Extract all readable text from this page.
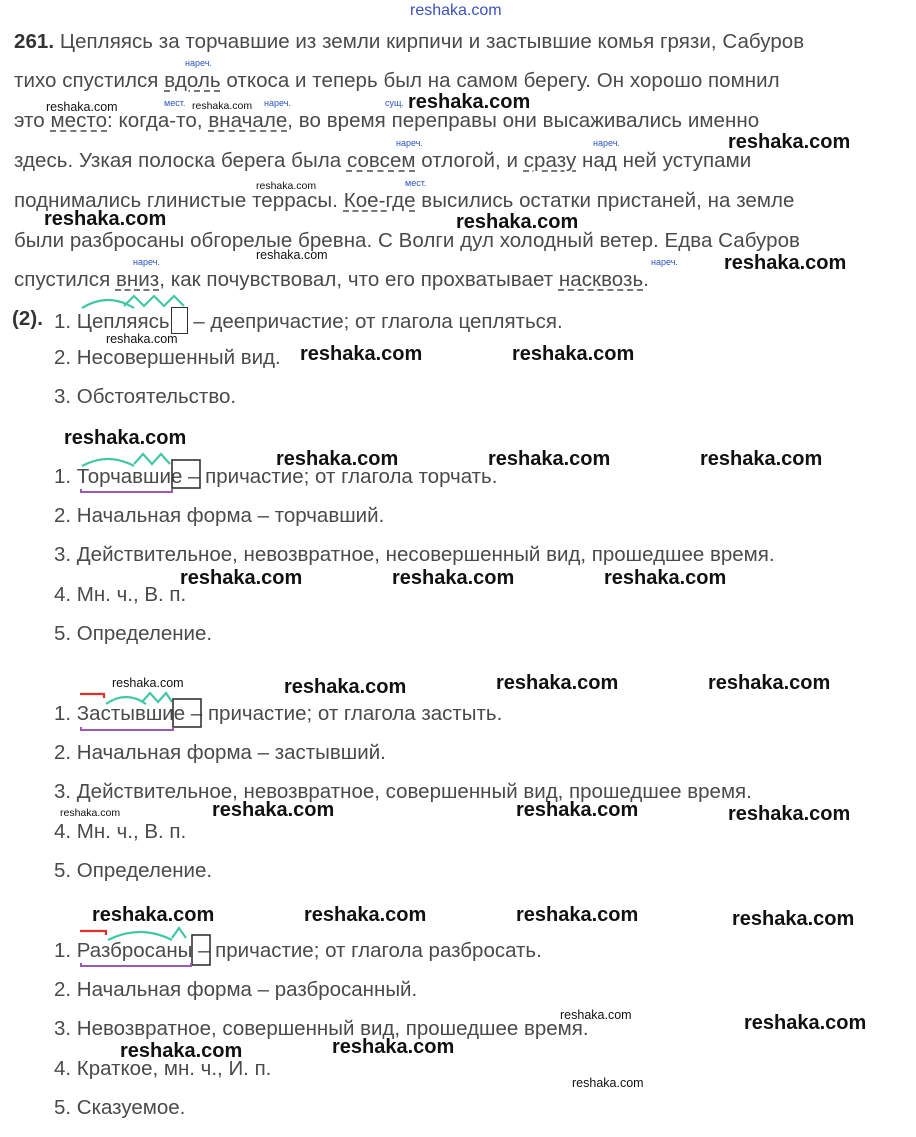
reshaka.com
261. Цепляясь за торчавшие из земли кирпичи и застывшие комья грязи, Сабуров
тихо спустился вдоль откоса и теперь был на самом берегу. Он хорошо помнил
это место: когда-то, вначале, во время переправы они высаживались именно
здесь. Узкая полоска берега была совсем отлогой, и сразу над ней уступами
поднимались глинистые террасы. Кое-где высились остатки пристаней, на земле
были разбросаны обгорелые бревна. С Волги дул холодный ветер. Едва Сабуров
спустился вниз, как почувствовал, что его прохватывает насквозь.
нареч.
мест.	нареч.	сущ.
нареч.	нареч.
мест.
нареч.	нареч.
(2). 1. Цепляясь – деепричастие; от глагола цепляться.
2. Несовершенный вид.
3. Обстоятельство.
1. Торчавшие – причастие; от глагола торчать.
2. Начальная форма – торчавший.
3. Действительное, невозвратное, несовершенный вид, прошедшее время.
4. Мн. ч., В. п.
5. Определение.
1. Застывшие – причастие; от глагола застыть.
2. Начальная форма – застывший.
3. Действительное, невозвратное, совершенный вид, прошедшее время.
4. Мн. ч., В. п.
5. Определение.
1. Разбросаны – причастие; от глагола разбросать.
2. Начальная форма – разбросанный.
3. Невозвратное, совершенный вид, прошедшее время.
4. Краткое, мн. ч., И. п.
5. Сказуемое.
reshaka.com	reshaka.com	reshaka.com
reshaka.com
reshaka.com
reshaka.com	reshaka.com
reshaka.com	reshaka.com
reshaka.com
reshaka.com	reshaka.com
reshaka.com
reshaka.com	reshaka.com	reshaka.com
reshaka.com	reshaka.com	reshaka.com
reshaka.com	reshaka.com	reshaka.com	reshaka.com
reshaka.com	reshaka.com	reshaka.com	reshaka.com
reshaka.com	reshaka.com	reshaka.com	reshaka.com
reshaka.com	reshaka.com
reshaka.com	reshaka.com
reshaka.com
